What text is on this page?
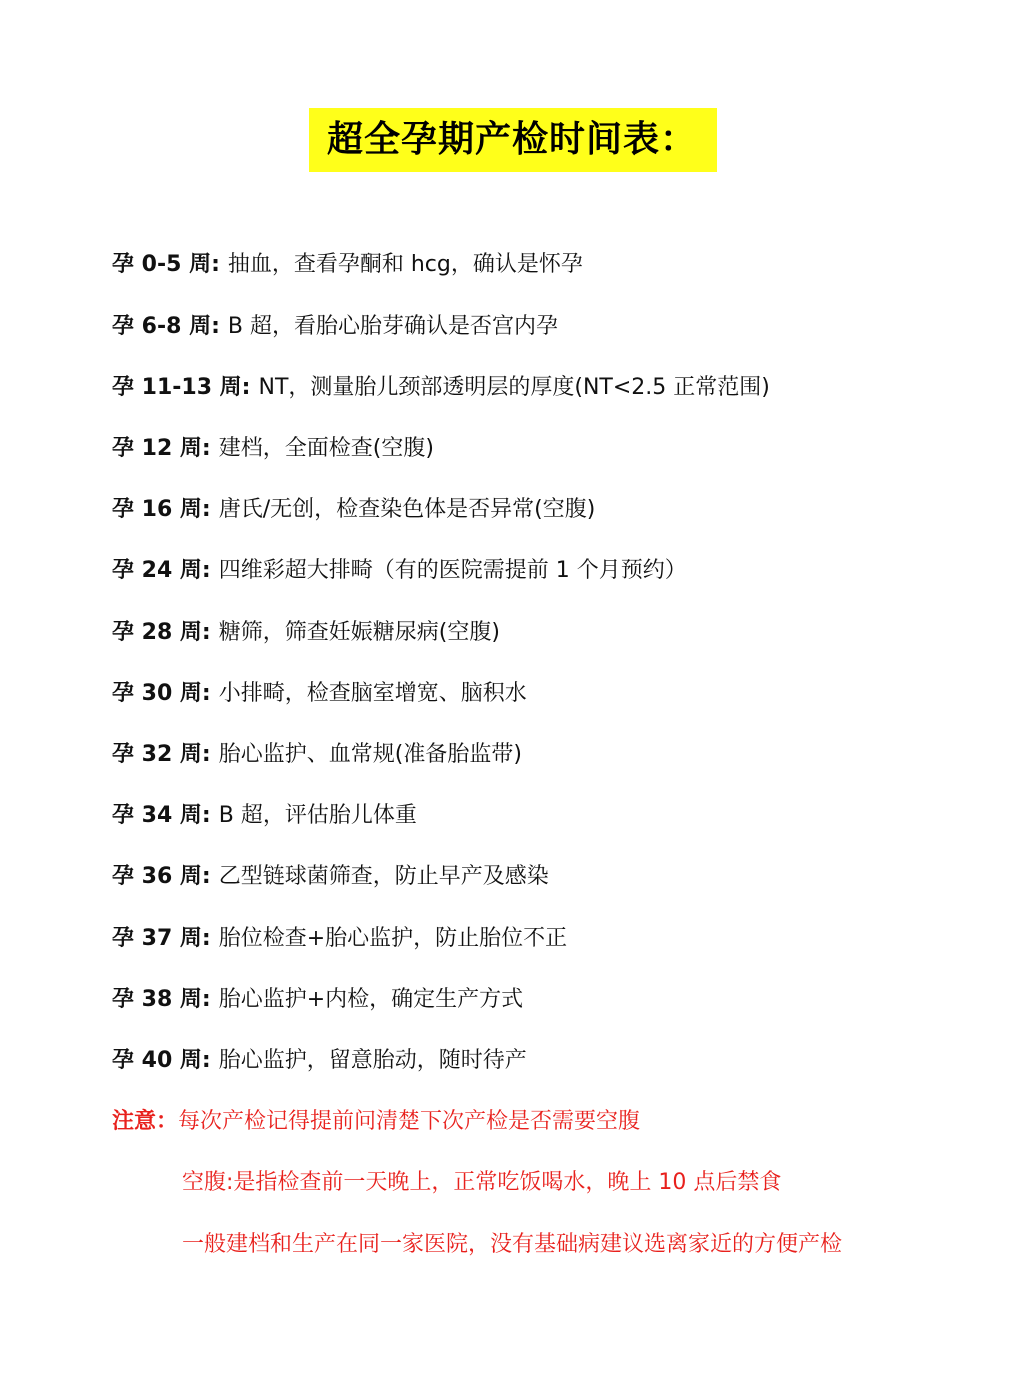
超全孕期产检时间表：
孕 0-5 周: 抽血，查看孕酮和 hcg，确认是怀孕
孕 6-8 周: B 超，看胎心胎芽确认是否宫内孕
孕 11-13 周: NT，测量胎儿颈部透明层的厚度(NT<2.5 正常范围)
孕 12 周: 建档，全面检查(空腹)
孕 16 周: 唐氏/无创，检查染色体是否异常(空腹)
孕 24 周: 四维彩超大排畸（有的医院需提前 1 个月预约）
孕 28 周: 糖筛，筛查妊娠糖尿病(空腹)
孕 30 周: 小排畸，检查脑室增宽、脑积水
孕 32 周: 胎心监护、血常规(准备胎监带)
孕 34 周: B 超，评估胎儿体重
孕 36 周: 乙型链球菌筛查，防止早产及感染
孕 37 周: 胎位检查+胎心监护，防止胎位不正
孕 38 周: 胎心监护+内检，确定生产方式
孕 40 周: 胎心监护，留意胎动，随时待产
注意：每次产检记得提前问清楚下次产检是否需要空腹
空腹:是指检查前一天晚上，正常吃饭喝水，晚上 10 点后禁食
一般建档和生产在同一家医院，没有基础病建议选离家近的方便产检
